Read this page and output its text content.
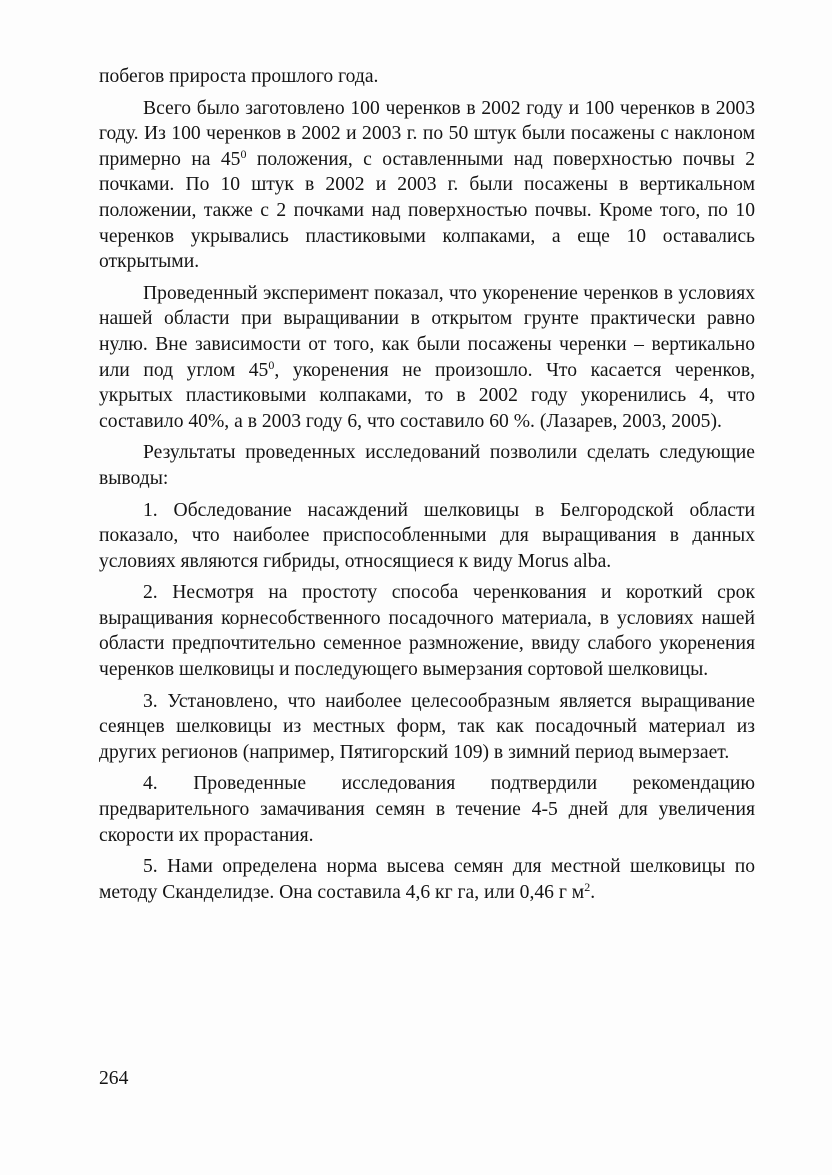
побегов прироста прошлого года.

Всего было заготовлено 100 черенков в 2002 году и 100 черенков в 2003 году. Из 100 черенков в 2002 и 2003 г. по 50 штук были посажены с наклоном примерно на $45^0$ положения, с оставленными над поверхностью почвы 2 почками. По 10 штук в 2002 и 2003 г. были посажены в вертикальном положении, также с 2 почками над поверхностью почвы. Кроме того, по 10 черенков укрывались пластиковыми колпаками, а еще 10 оставались открытыми.

Проведенный эксперимент показал, что укоренение черенков в условиях нашей области при выращивании в открытом грунте практически равно нулю. Вне зависимости от того, как были посажены черенки – вертикально или под углом $45^0$, укоренения не произошло. Что касается черенков, укрытых пластиковыми колпаками, то в 2002 году укоренились 4, что составило 40%, а в 2003 году 6, что составило 60 %. (Лазарев, 2003, 2005).

Результаты проведенных исследований позволили сделать следующие выводы:

1. Обследование насаждений шелковицы в Белгородской области показало, что наиболее приспособленными для выращивания в данных условиях являются гибриды, относящиеся к виду Morus alba.

2. Несмотря на простоту способа черенкования и короткий срок выращивания корнесобственного посадочного материала, в условиях нашей области предпочтительно семенное размножение, ввиду слабого укоренения черенков шелковицы и последующего вымерзания сортовой шелковицы.

3. Установлено, что наиболее целесообразным является выращивание сеянцев шелковицы из местных форм, так как посадочный материал из других регионов (например, Пятигорский 109) в зимний период вымерзает.

4. Проведенные исследования подтвердили рекомендацию предварительного замачивания семян в течение 4-5 дней для увеличения скорости их прорастания.

5. Нами определена норма высева семян для местной шелковицы по методу Сканделидзе. Она составила 4,6 кг га, или 0,46 г $м^2$.

264
